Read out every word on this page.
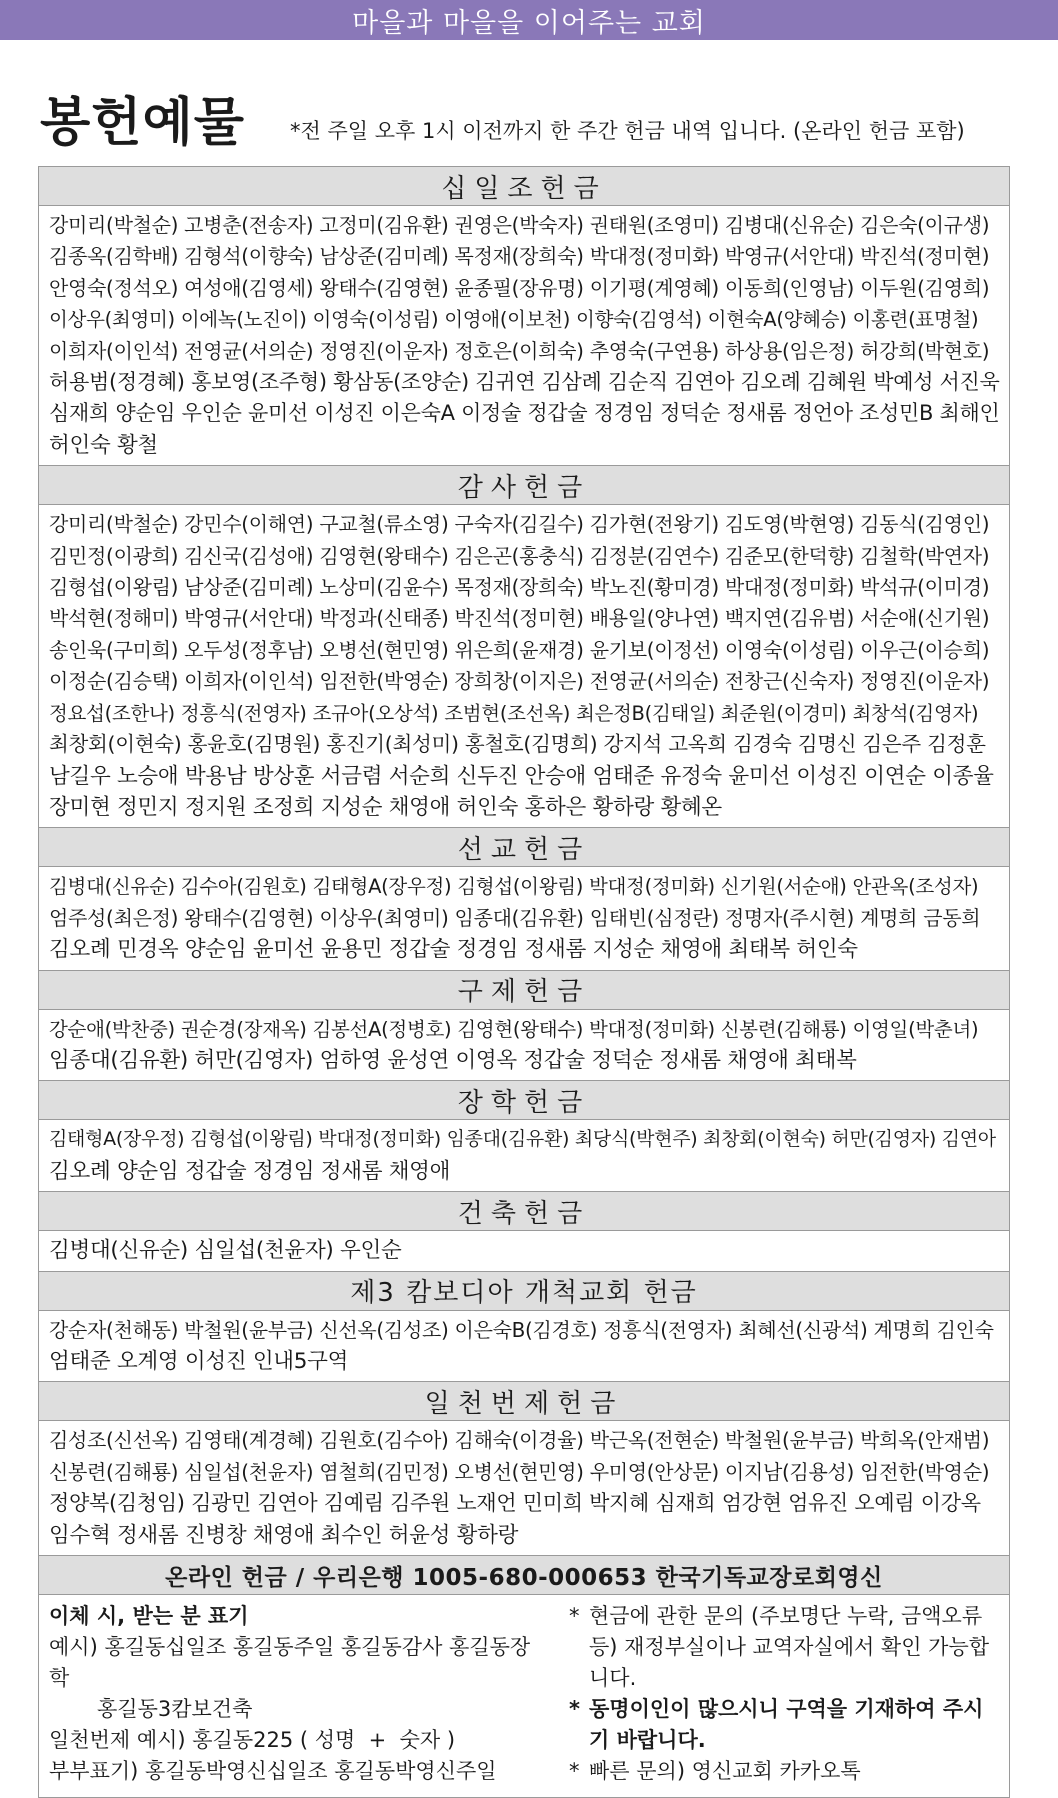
마을과 마을을 이어주는 교회
봉헌예물 *전 주일 오후 1시 이전까지 한 주간 헌금 내역 입니다. (온라인 헌금 포함)
십일조헌금
강미리(박철순) 고병춘(전송자) 고정미(김유환) 권영은(박숙자) 권태원(조영미) 김병대(신유순) 김은숙(이규생)
김종옥(김학배) 김형석(이향숙) 남상준(김미례) 목정재(장희숙) 박대정(정미화) 박영규(서안대) 박진석(정미현)
안영숙(정석오) 여성애(김영세) 왕태수(김영현) 윤종필(장유명) 이기평(계영혜) 이동희(인영남) 이두원(김영희)
이상우(최영미) 이에녹(노진이) 이영숙(이성림) 이영애(이보천) 이향숙(김영석) 이현숙A(양혜승) 이홍련(표명철)
이희자(이인석) 전영균(서의순) 정영진(이운자) 정호은(이희숙) 추영숙(구연용) 하상용(임은정) 허강희(박현호)
허용범(정경혜) 홍보영(조주형) 황삼동(조양순) 김귀연 김삼례 김순직 김연아 김오례 김혜원 박예성 서진욱
심재희 양순임 우인순 윤미선 이성진 이은숙A 이정술 정갑술 정경임 정덕순 정새롬 정언아 조성민B 최해인
허인숙 황철
감사헌금
강미리(박철순) 강민수(이해연) 구교철(류소영) 구숙자(김길수) 김가현(전왕기) 김도영(박현영) 김동식(김영인)
김민정(이광희) 김신국(김성애) 김영현(왕태수) 김은곤(홍충식) 김정분(김연수) 김준모(한덕향) 김철학(박연자)
김형섭(이왕림) 남상준(김미례) 노상미(김윤수) 목정재(장희숙) 박노진(황미경) 박대정(정미화) 박석규(이미경)
박석현(정해미) 박영규(서안대) 박정과(신태종) 박진석(정미현) 배용일(양나연) 백지연(김유범) 서순애(신기원)
송인욱(구미희) 오두성(정후남) 오병선(현민영) 위은희(윤재경) 윤기보(이정선) 이영숙(이성림) 이우근(이승희)
이정순(김승택) 이희자(이인석) 임전한(박영순) 장희창(이지은) 전영균(서의순) 전창근(신숙자) 정영진(이운자)
정요섭(조한나) 정흥식(전영자) 조규아(오상석) 조범현(조선옥) 최은정B(김태일) 최준원(이경미) 최창석(김영자)
최창회(이현숙) 홍윤호(김명원) 홍진기(최성미) 홍철호(김명희) 강지석 고옥희 김경숙 김명신 김은주 김정훈
남길우 노승애 박용남 방상훈 서금렴 서순희 신두진 안승애 엄태준 유정숙 윤미선 이성진 이연순 이종율
장미현 정민지 정지원 조정희 지성순 채영애 허인숙 홍하은 황하랑 황혜온
선교헌금
김병대(신유순) 김수아(김원호) 김태형A(장우정) 김형섭(이왕림) 박대정(정미화) 신기원(서순애) 안관옥(조성자)
엄주성(최은정) 왕태수(김영현) 이상우(최영미) 임종대(김유환) 임태빈(심정란) 정명자(주시현) 계명희 금동희
김오례 민경옥 양순임 윤미선 윤용민 정갑술 정경임 정새롬 지성순 채영애 최태복 허인숙
구제헌금
강순애(박찬중) 권순경(장재옥) 김봉선A(정병호) 김영현(왕태수) 박대정(정미화) 신봉련(김해룡) 이영일(박춘녀)
임종대(김유환) 허만(김영자) 엄하영 윤성연 이영옥 정갑술 정덕순 정새롬 채영애 최태복
장학헌금
김태형A(장우정) 김형섭(이왕림) 박대정(정미화) 임종대(김유환) 최당식(박현주) 최창회(이현숙) 허만(김영자) 김연아
김오례 양순임 정갑술 정경임 정새롬 채영애
건축헌금
김병대(신유순) 심일섭(천윤자) 우인순
제3 캄보디아 개척교회 헌금
강순자(천해동) 박철원(윤부금) 신선옥(김성조) 이은숙B(김경호) 정흥식(전영자) 최혜선(신광석) 계명희 김인숙
엄태준 오계영 이성진 인내5구역
일천번제헌금
김성조(신선옥) 김영태(계경혜) 김원호(김수아) 김해숙(이경율) 박근옥(전현순) 박철원(윤부금) 박희옥(안재범)
신봉련(김해룡) 심일섭(천윤자) 염철희(김민정) 오병선(현민영) 우미영(안상문) 이지남(김용성) 임전한(박영순)
정양복(김청임) 김광민 김연아 김예림 김주원 노재언 민미희 박지혜 심재희 엄강현 엄유진 오예림 이강옥
임수혁 정새롬 진병창 채영애 최수인 허윤성 황하랑
온라인 헌금 / 우리은행 1005-680-000653 한국기독교장로회영신
이체 시, 받는 분 표기
예시) 홍길동십일조 홍길동주일 홍길동감사 홍길동장학
홍길동3캄보건축
일천번제 예시) 홍길동225 ( 성명  +  숫자 )
부부표기) 홍길동박영신십일조 홍길동박영신주일
* 현금에 관한 문의 (주보명단 누락, 금액오류 등) 재정부실이나 교역자실에서 확인 가능합니다.
* 동명이인이 많으시니 구역을 기재하여 주시기 바랍니다.
* 빠른 문의) 영신교회 카카오톡
